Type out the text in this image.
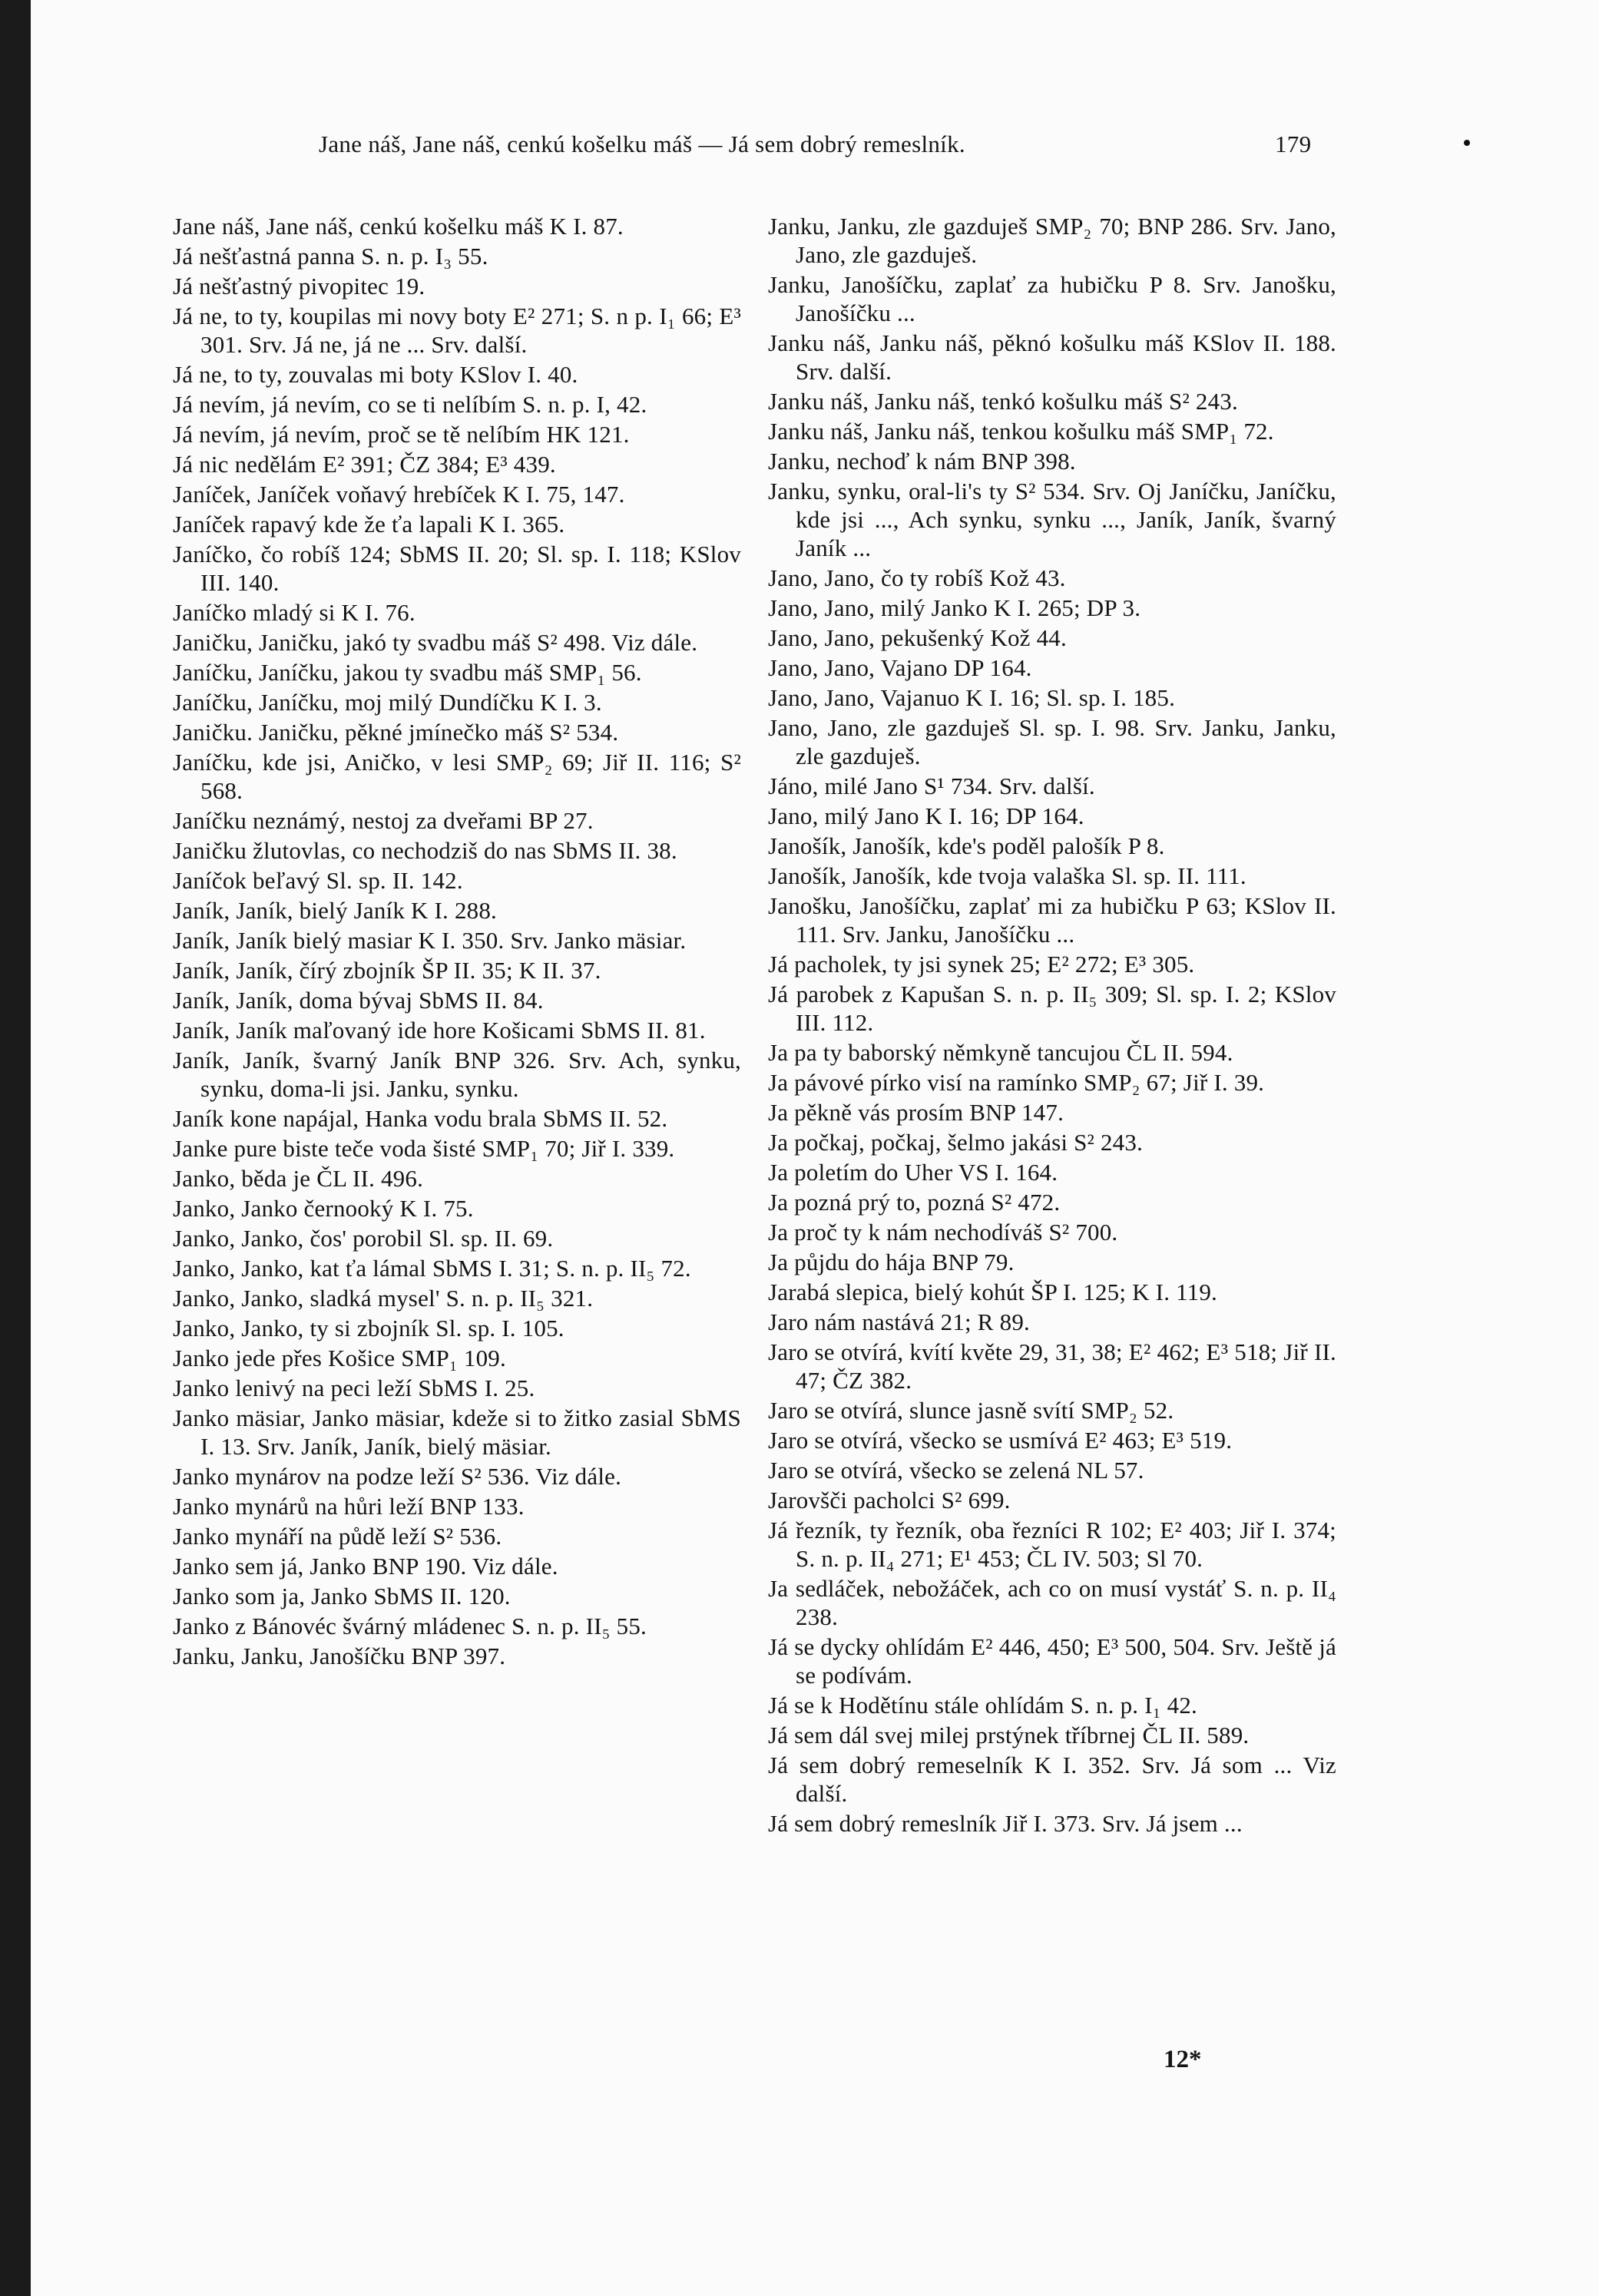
Jane náš, Jane náš, cenkú košelku máš — Já sem dobrý remeslník.	179

Jane náš, Jane náš, cenkú košelku máš K I. 87.

Já nešťastná panna S. n. p. I₃ 55.

Já nešťastný pivopitec 19.

Já ne, to ty, koupilas mi novy boty E² 271; S. n p. I₁ 66; E³ 301. Srv. Já ne, já ne ... Srv. další.

Já ne, to ty, zouvalas mi boty KSlov I. 40.

Já nevím, já nevím, co se ti nelíbím S. n. p. I, 42.

Já nevím, já nevím, proč se tě nelíbím HK 121.

Já nic nedělám E² 391; ČZ 384; E³ 439.

Janíček, Janíček voňavý hrebíček K I. 75, 147.

Janíček rapavý kde že ťa lapali K I. 365.

Janíčko, čo robíš 124; SbMS II. 20; Sl. sp. I. 118; KSlov III. 140.

Janíčko mladý si K I. 76.

Janičku, Janičku, jakó ty svadbu máš S² 498. Viz dále.

Janíčku, Janíčku, jakou ty svadbu máš SMP₁ 56.

Janíčku, Janíčku, moj milý Dundíčku K I. 3.

Janičku. Janičku, pěkné jmínečko máš S² 534.

Janíčku, kde jsi, Aničko, v lesi SMP₂ 69; Jiř II. 116; S² 568.

Janíčku neznámý, nestoj za dveřami BP 27.

Janičku žlutovlas, co nechodziš do nas SbMS II. 38.

Janíčok beľavý Sl. sp. II. 142.

Janík, Janík, bielý Janík K I. 288.

Janík, Janík bielý masiar K I. 350. Srv. Janko mäsiar.

Janík, Janík, čírý zbojník ŠP II. 35; K II. 37.

Janík, Janík, doma bývaj SbMS II. 84.

Janík, Janík maľovaný ide hore Košicami SbMS II. 81.

Janík, Janík, švarný Janík BNP 326. Srv. Ach, synku, synku, doma-li jsi. Janku, synku.

Janík kone napájal, Hanka vodu brala SbMS II. 52.

Janke pure biste teče voda šisté SMP₁ 70; Jiř I. 339.

Janko, běda je ČL II. 496.

Janko, Janko černooký K I. 75.

Janko, Janko, čos' porobil Sl. sp. II. 69.

Janko, Janko, kat ťa lámal SbMS I. 31; S. n. p. II₅ 72.

Janko, Janko, sladká mysel' S. n. p. II₅ 321.

Janko, Janko, ty si zbojník Sl. sp. I. 105.

Janko jede přes Košice SMP₁ 109.

Janko lenivý na peci leží SbMS I. 25.

Janko mäsiar, Janko mäsiar, kdeže si to žitko zasial SbMS I. 13. Srv. Janík, Janík, bielý mäsiar.

Janko mynárov na podze leží S² 536. Viz dále.

Janko mynárů na hůri leží BNP 133.

Janko mynáří na půdě leží S² 536.

Janko sem já, Janko BNP 190. Viz dále.

Janko som ja, Janko SbMS II. 120.

Janko z Bánovéc švárný mládenec S. n. p. II₅ 55.

Janku, Janku, Janošíčku BNP 397.

Janku, Janku, zle gazduješ SMP₂ 70; BNP 286. Srv. Jano, Jano, zle gazduješ.

Janku, Janošíčku, zaplať za hubičku P 8. Srv. Janošku, Janošíčku ...

Janku náš, Janku náš, pěknó košulku máš KSlov II. 188. Srv. další.

Janku náš, Janku náš, tenkó košulku máš S² 243.

Janku náš, Janku náš, tenkou košulku máš SMP₁ 72.

Janku, nechoď k nám BNP 398.

Janku, synku, oral-li's ty S² 534. Srv. Oj Janíčku, Janíčku, kde jsi ..., Ach synku, synku ..., Janík, Janík, švarný Janík ...

Jano, Jano, čo ty robíš Kož 43.

Jano, Jano, milý Janko K I. 265; DP 3.

Jano, Jano, pekušenký Kož 44.

Jano, Jano, Vajano DP 164.

Jano, Jano, Vajanuo K I. 16; Sl. sp. I. 185.

Jano, Jano, zle gazduješ Sl. sp. I. 98. Srv. Janku, Janku, zle gazduješ.

Jáno, milé Jano S¹ 734. Srv. další.

Jano, milý Jano K I. 16; DP 164.

Janošík, Janošík, kde's poděl palošík P 8.

Janošík, Janošík, kde tvoja valaška Sl. sp. II. 111.

Janošku, Janošíčku, zaplať mi za hubičku P 63; KSlov II. 111. Srv. Janku, Janošíčku ...

Já pacholek, ty jsi synek 25; E² 272; E³ 305.

Já parobek z Kapušan S. n. p. II₅ 309; Sl. sp. I. 2; KSlov III. 112.

Ja pa ty baborský němkyně tancujou ČL II. 594.

Ja pávové pírko visí na ramínko SMP₂ 67; Jiř I. 39.

Ja pěkně vás prosím BNP 147.

Ja počkaj, počkaj, šelmo jakási S² 243.

Ja poletím do Uher VS I. 164.

Ja pozná prý to, pozná S² 472.

Ja proč ty k nám nechodíváš S² 700.

Ja půjdu do hája BNP 79.

Jarabá slepica, bielý kohút ŠP I. 125; K I. 119.

Jaro nám nastává 21; R 89.

Jaro se otvírá, kvítí květe 29, 31, 38; E² 462; E³ 518; Jiř II. 47; ČZ 382.

Jaro se otvírá, slunce jasně svítí SMP₂ 52.

Jaro se otvírá, všecko se usmívá E² 463; E³ 519.

Jaro se otvírá, všecko se zelená NL 57.

Jarovšči pacholci S² 699.

Já řezník, ty řezník, oba řezníci R 102; E² 403; Jiř I. 374; S. n. p. II₄ 271; E¹ 453; ČL IV. 503; Sl 70.

Ja sedláček, nebožáček, ach co on musí vystáť S. n. p. II₄ 238.

Já se dycky ohlídám E² 446, 450; E³ 500, 504. Srv. Ještě já se podívám.

Já se k Hodětínu stále ohlídám S. n. p. I₁ 42.

Já sem dál svej milej prstýnek tříbrnej ČL II. 589.

Já sem dobrý remeselník K I. 352. Srv. Já som ... Viz další.

Já sem dobrý remeslník Jiř I. 373. Srv. Já jsem ...

12*
